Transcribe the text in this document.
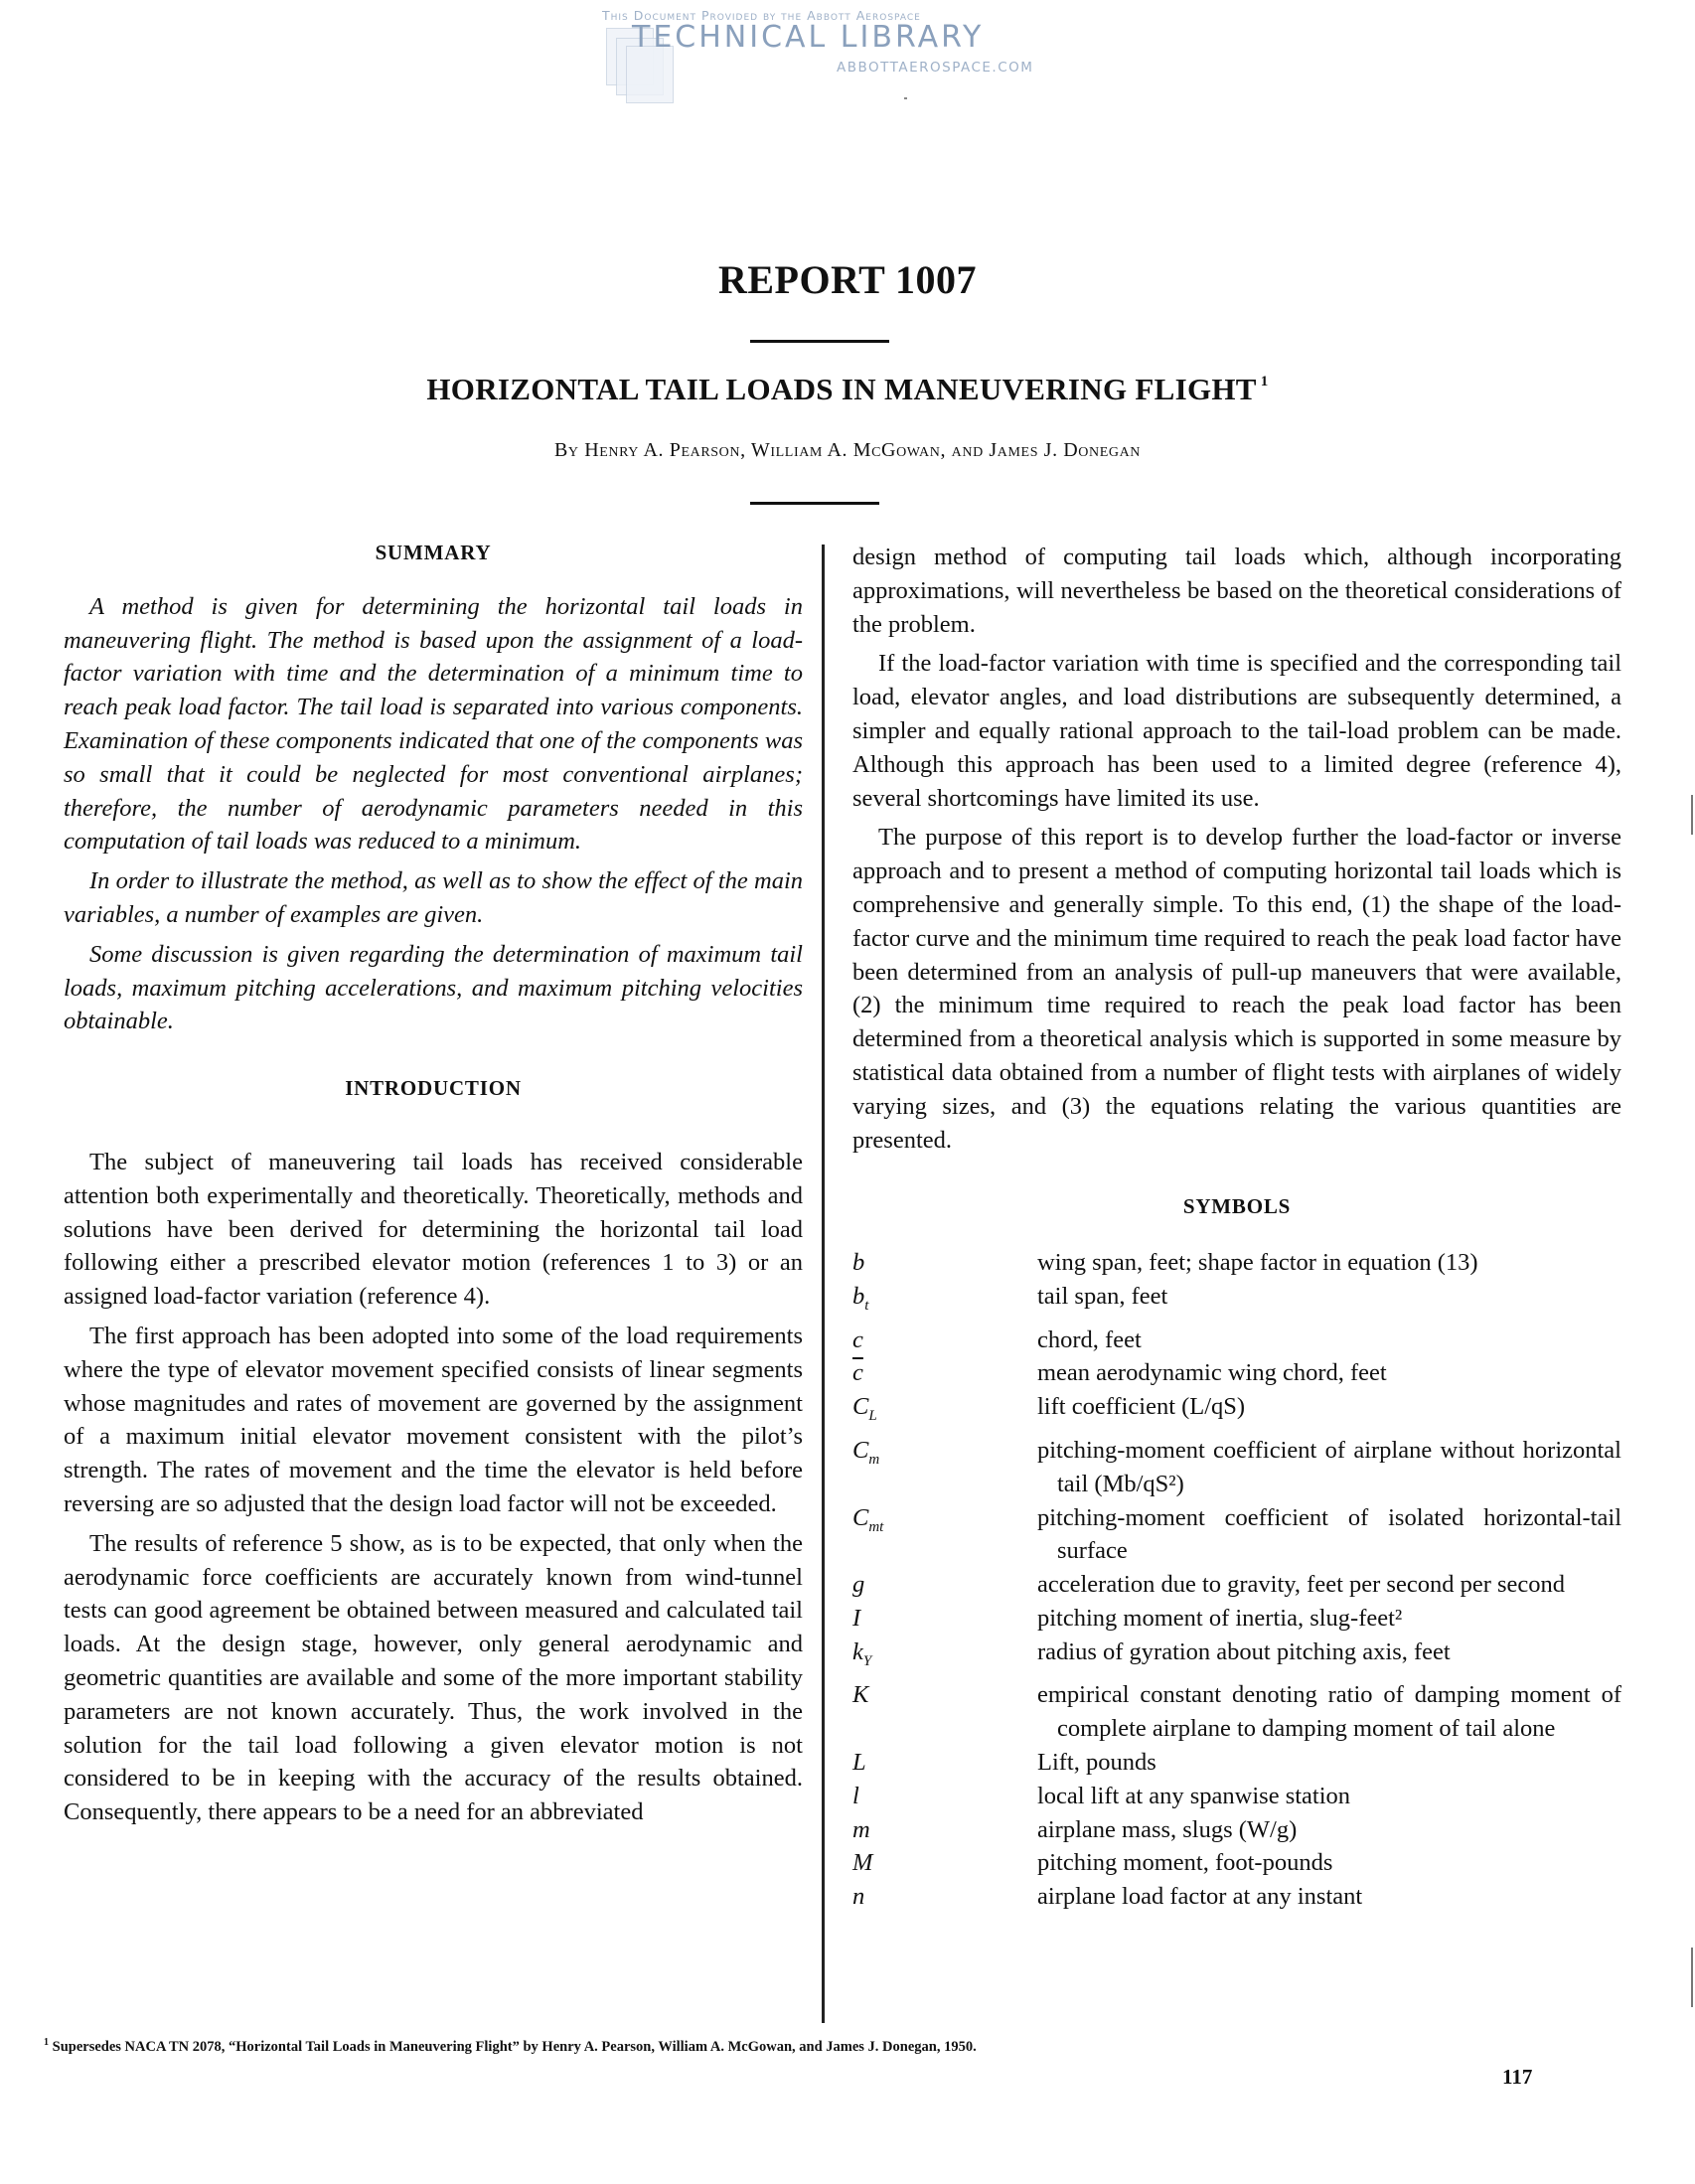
This Document Provided by the Abbott Aerospace
TECHNICAL LIBRARY
ABBOTTAEROSPACE.COM
REPORT 1007
HORIZONTAL TAIL LOADS IN MANEUVERING FLIGHT $^1$
By Henry A. Pearson, William A. McGowan, and James J. Donegan
SUMMARY

A method is given for determining the horizontal tail loads in maneuvering flight. The method is based upon the assignment of a load-factor variation with time and the determination of a minimum time to reach peak load factor. The tail load is separated into various components. Examination of these components indicated that one of the components was so small that it could be neglected for most conventional airplanes; therefore, the number of aerodynamic parameters needed in this computation of tail loads was reduced to a minimum.

In order to illustrate the method, as well as to show the effect of the main variables, a number of examples are given.

Some discussion is given regarding the determination of maximum tail loads, maximum pitching accelerations, and maximum pitching velocities obtainable.

INTRODUCTION

The subject of maneuvering tail loads has received considerable attention both experimentally and theoretically. Theoretically, methods and solutions have been derived for determining the horizontal tail load following either a prescribed elevator motion (references 1 to 3) or an assigned load-factor variation (reference 4).

The first approach has been adopted into some of the load requirements where the type of elevator movement specified consists of linear segments whose magnitudes and rates of movement are governed by the assignment of a maximum initial elevator movement consistent with the pilot’s strength. The rates of movement and the time the elevator is held before reversing are so adjusted that the design load factor will not be exceeded.

The results of reference 5 show, as is to be expected, that only when the aerodynamic force coefficients are accurately known from wind-tunnel tests can good agreement be obtained between measured and calculated tail loads. At the design stage, however, only general aerodynamic and geometric quantities are available and some of the more important stability parameters are not known accurately. Thus, the work involved in the solution for the tail load following a given elevator motion is not considered to be in keeping with the accuracy of the results obtained. Consequently, there appears to be a need for an abbreviated

design method of computing tail loads which, although incorporating approximations, will nevertheless be based on the theoretical considerations of the problem.

If the load-factor variation with time is specified and the corresponding tail load, elevator angles, and load distributions are subsequently determined, a simpler and equally rational approach to the tail-load problem can be made. Although this approach has been used to a limited degree (reference 4), several shortcomings have limited its use.

The purpose of this report is to develop further the load-factor or inverse approach and to present a method of computing horizontal tail loads which is comprehensive and generally simple. To this end, (1) the shape of the load-factor curve and the minimum time required to reach the peak load factor have been determined from an analysis of pull-up maneuvers that were available, (2) the minimum time required to reach the peak load factor has been determined from a theoretical analysis which is supported in some measure by statistical data obtained from a number of flight tests with airplanes of widely varying sizes, and (3) the equations relating the various quantities are presented.

SYMBOLS
b	wing span, feet; shape factor in equation (13)
$b_t$	tail span, feet
c	chord, feet
$\overline{c}$	mean aerodynamic wing chord, feet
$C_L$	lift coefficient (L/qS)
$C_m$	pitching-moment coefficient of airplane without horizontal tail (Mb/qS²)
$C_{mt}$	pitching-moment coefficient of isolated horizontal-tail surface
g	acceleration due to gravity, feet per second per second
I	pitching moment of inertia, slug-feet²
$k_Y$	radius of gyration about pitching axis, feet
K	empirical constant denoting ratio of damping moment of complete airplane to damping moment of tail alone
L	Lift, pounds
l	local lift at any spanwise station
m	airplane mass, slugs (W/g)
M	pitching moment, foot-pounds
n	airplane load factor at any instant
$^1$ Supersedes NACA TN 2078, “Horizontal Tail Loads in Maneuvering Flight” by Henry A. Pearson, William A. McGowan, and James J. Donegan, 1950.
117
